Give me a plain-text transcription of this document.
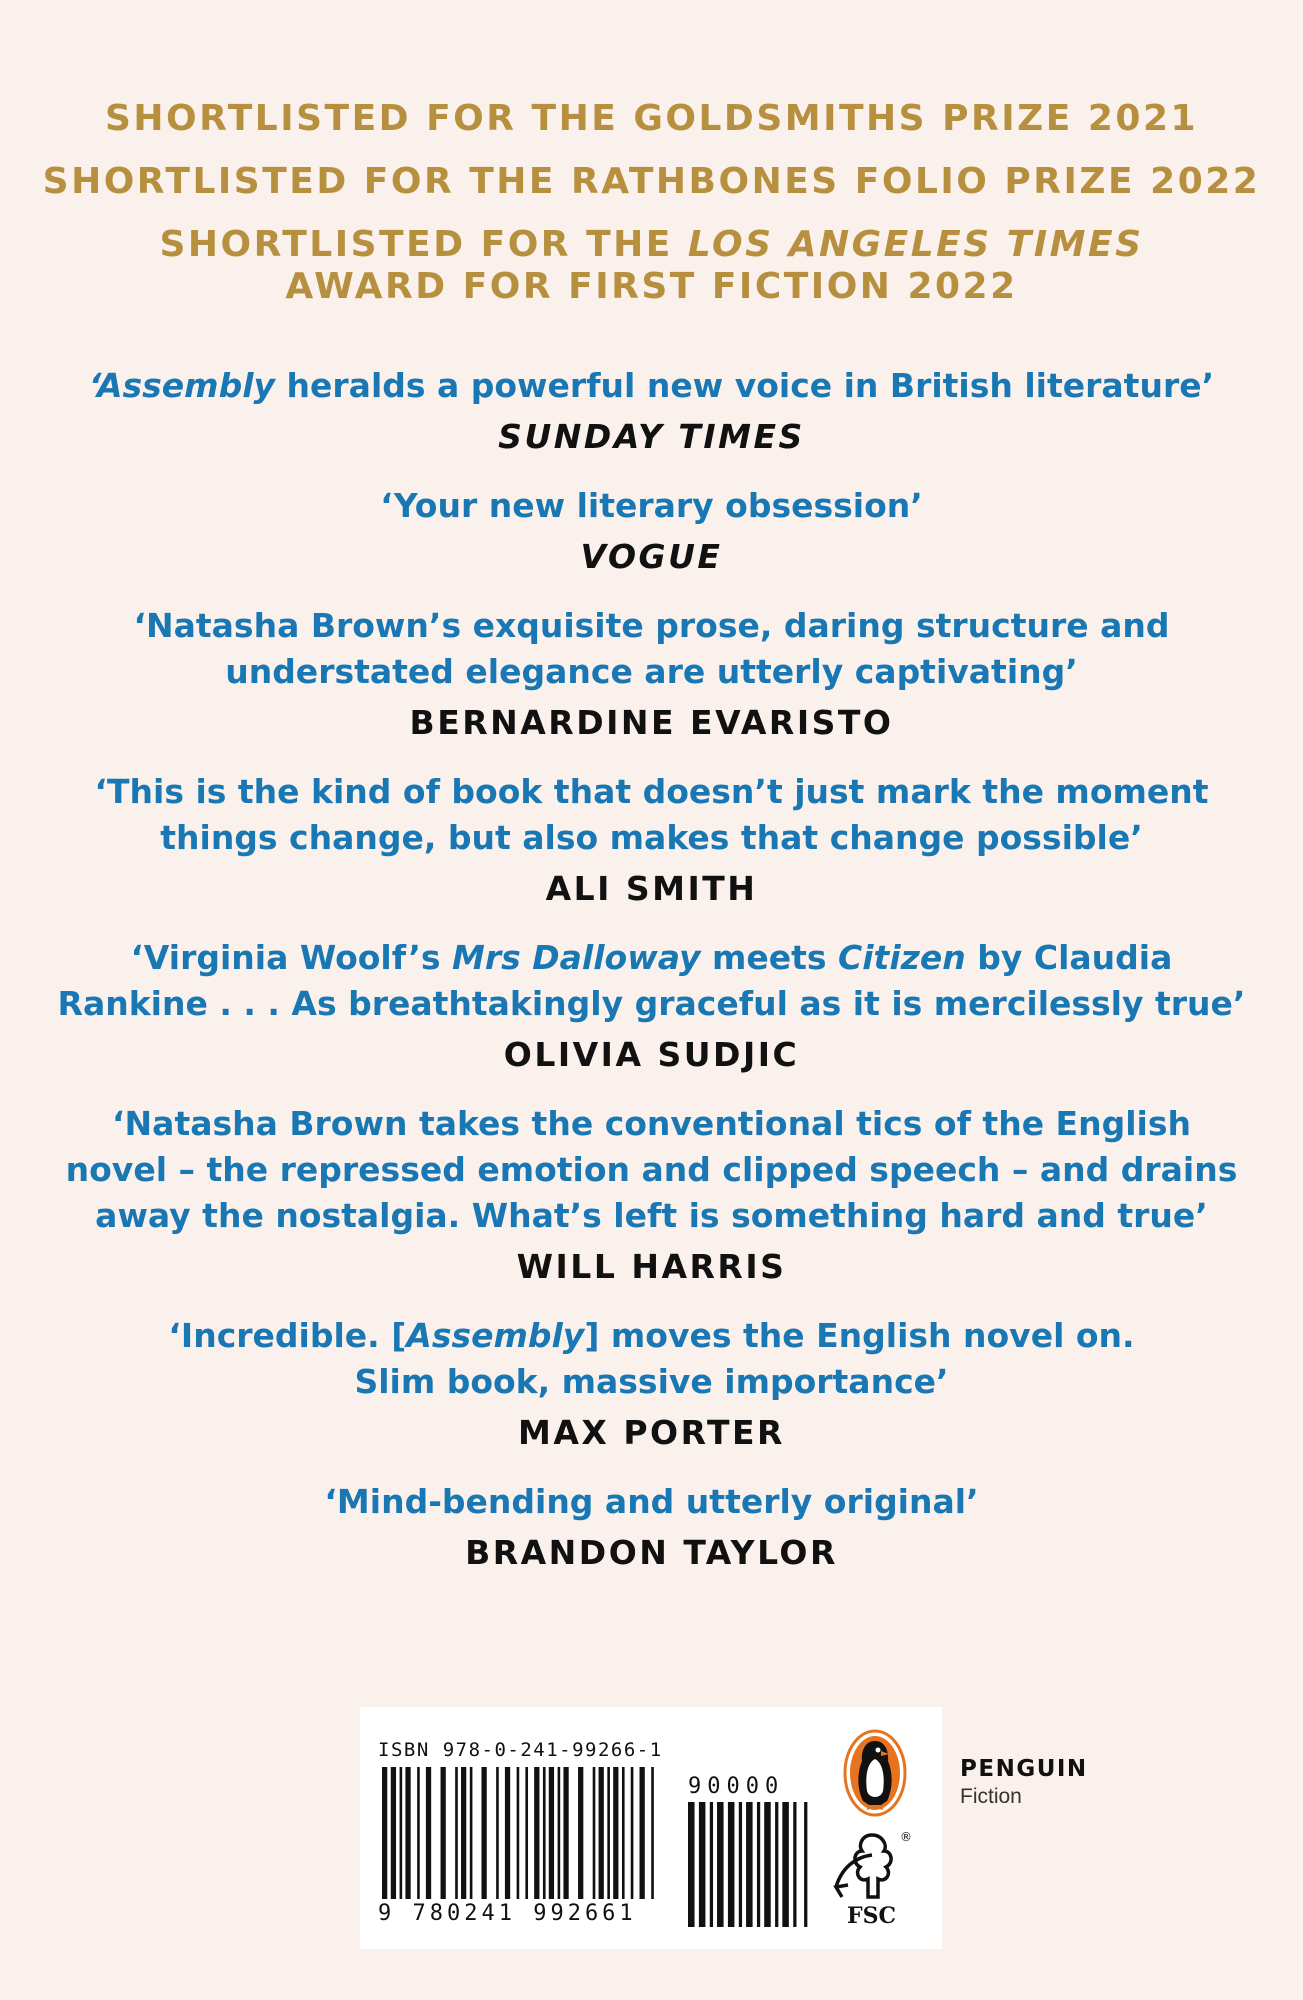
SHORTLISTED FOR THE GOLDSMITHS PRIZE 2021

SHORTLISTED FOR THE RATHBONES FOLIO PRIZE 2022

SHORTLISTED FOR THE LOS ANGELES TIMES

AWARD FOR FIRST FICTION 2022

‘Assembly heralds a powerful new voice in British literature’

SUNDAY TIMES

‘Your new literary obsession’

VOGUE

‘Natasha Brown’s exquisite prose, daring structure and

understated elegance are utterly captivating’

BERNARDINE EVARISTO

‘This is the kind of book that doesn’t just mark the moment

things change, but also makes that change possible’

ALI SMITH

‘Virginia Woolf’s Mrs Dalloway meets Citizen by Claudia

Rankine . . . As breathtakingly graceful as it is mercilessly true’

OLIVIA SUDJIC

‘Natasha Brown takes the conventional tics of the English

novel – the repressed emotion and clipped speech – and drains

away the nostalgia. What’s left is something hard and true’

WILL HARRIS

‘Incredible. [Assembly] moves the English novel on.

Slim book, massive importance’

MAX PORTER

‘Mind-bending and utterly original’

BRANDON TAYLOR

ISBN 978-0-241-99266-1
90000
9 780241 992661
®
FSC
PENGUIN
Fiction
